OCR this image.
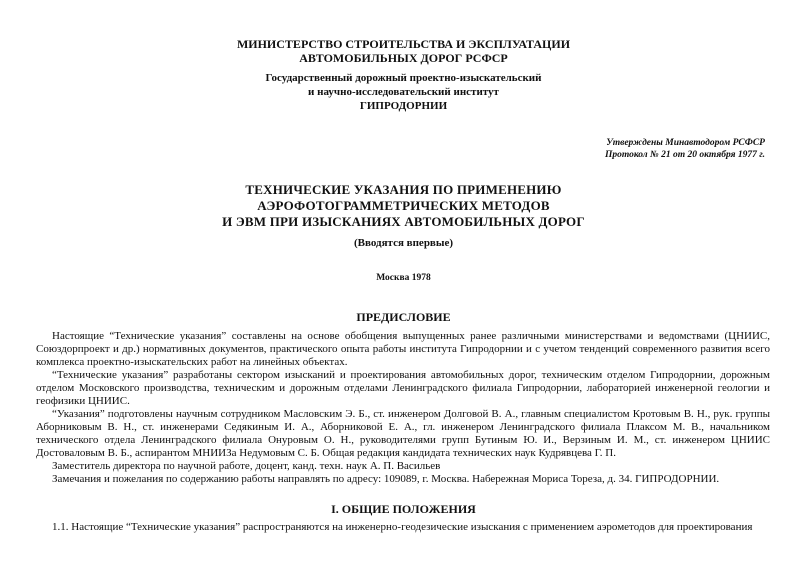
МИНИСТЕРСТВО СТРОИТЕЛЬСТВА И ЭКСПЛУАТАЦИИ
АВТОМОБИЛЬНЫХ ДОРОГ РСФСР
Государственный дорожный проектно-изыскательский
и научно-исследовательский институт
ГИПРОДОРНИИ
Утверждены Минавтодором РСФСР
Протокол № 21 от 20 октября 1977 г.
ТЕХНИЧЕСКИЕ УКАЗАНИЯ ПО ПРИМЕНЕНИЮ
АЭРОФОТОГРАММЕТРИЧЕСКИХ МЕТОДОВ
И ЭВМ ПРИ ИЗЫСКАНИЯХ АВТОМОБИЛЬНЫХ ДОРОГ
(Вводятся впервые)
Москва 1978
ПРЕДИСЛОВИЕ

Настоящие “Технические указания” составлены на основе обобщения выпущенных ранее различными министерствами и ведомствами (ЦНИИС, Союздорпроект и др.) нормативных документов, практического опыта работы института Гипродорнии и с учетом тенденций современного развития всего комплекса проектно-изыскательских работ на линейных объектах.

“Технические указания” разработаны сектором изысканий и проектирования автомобильных дорог, техническим отделом Гипродорнии, дорожным отделом Московского производства, техническим и дорожным отделами Ленинградского филиала Гипродорнии, лабораторией инженерной геологии и геофизики ЦНИИС.

“Указания” подготовлены научным сотрудником Масловским Э. Б., ст. инженером Долговой В. А., главным специалистом Кротовым В. Н., рук. группы Аборниковым В. Н., ст. инженерами Седякиным И. А., Аборниковой Е. А., гл. инженером Ленинградского филиала Плаксом М. В., начальником технического отдела Ленинградского филиала Онуровым О. Н., руководителями групп Бутиным Ю. И., Верзиным И. М., ст. инженером ЦНИИС Достоваловым В. Б., аспирантом МНИИЗа Недумовым С. Б. Общая редакция кандидата технических наук Кудрявцева Г. П.

Заместитель директора по научной работе, доцент, канд. техн. наук А. П. Васильев

Замечания и пожелания по содержанию работы направлять по адресу: 109089, г. Москва. Набережная Мориса Тореза, д. 34. ГИПРОДОРНИИ.

I. ОБЩИЕ ПОЛОЖЕНИЯ

1.1. Настоящие “Технические указания” распространяются на инженерно-геодезические изыскания с применением аэрометодов для проектирования
